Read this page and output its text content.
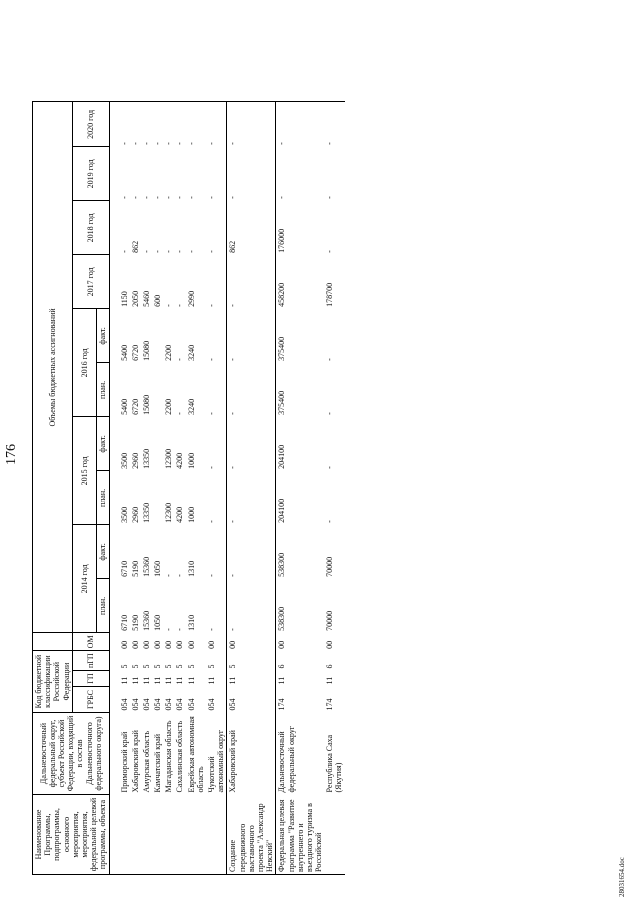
176
Наименование Программы, подпрограммы, основного мероприятия, мероприятия, федеральной целевой программы, объекта	Дальневосточный федеральный округ, субъект Российской Федерации, входящий в состав Дальневосточного федерального округа)	Код бюджетной классификации Российской Федерации				Объемы бюджетных ассигнований									
		ГРБС	ГП	пГП	ОМ	2014 год		2015 год		2016 год		2017 год	2018 год	2019 год	2020 год
						план.	факт.	план.	факт.	план.	факт.				
	Приморский край	054	11	5	00	6710	6710	3500	3500	5400	5400	1150	-	-	-
	Хабаровский край	054	11	5	00	5190	5190	2960	2960	6720	6720	2050	862	-	-
	Амурская область	054	11	5	00	15360	15360	13350	13350	15080	15080	5460	-	-	-
	Камчатский край	054	11	5	00	1050	1050					600	-	-	-
	Магаданская область	054	11	5	00	-	-	12300	12300	2200	2200	-	-	-	-
	Сахалинская область	054	11	5	00	-	-	4200	4200	-	-	-	-	-	-
	Еврейская автономная область	054	11	5	00	1310	1310	1000	1000	3240	3240	2990	-	-	-
	Чукотский автономный округ	054	11	5	00	-	-	-	-	-	-	-	-	-	-
Создание передвижного выставочного проекта "Александр Невский"	Хабаровский край	054	11	5	00	-	-	-	-	-	-	-	862	-	-
Федеральная целевая программа "Развитие внутреннего и въездного туризма в Российской	Дальневосточный федеральный округ	174	11	6	00	538300	538300	204100	204100	375400	375400	458200	176000	-	-
	Республика Саха (Якутия)	174	11	6	00	70000	70000	-	-	-	-	178700	-	-	-
28031654.doc
